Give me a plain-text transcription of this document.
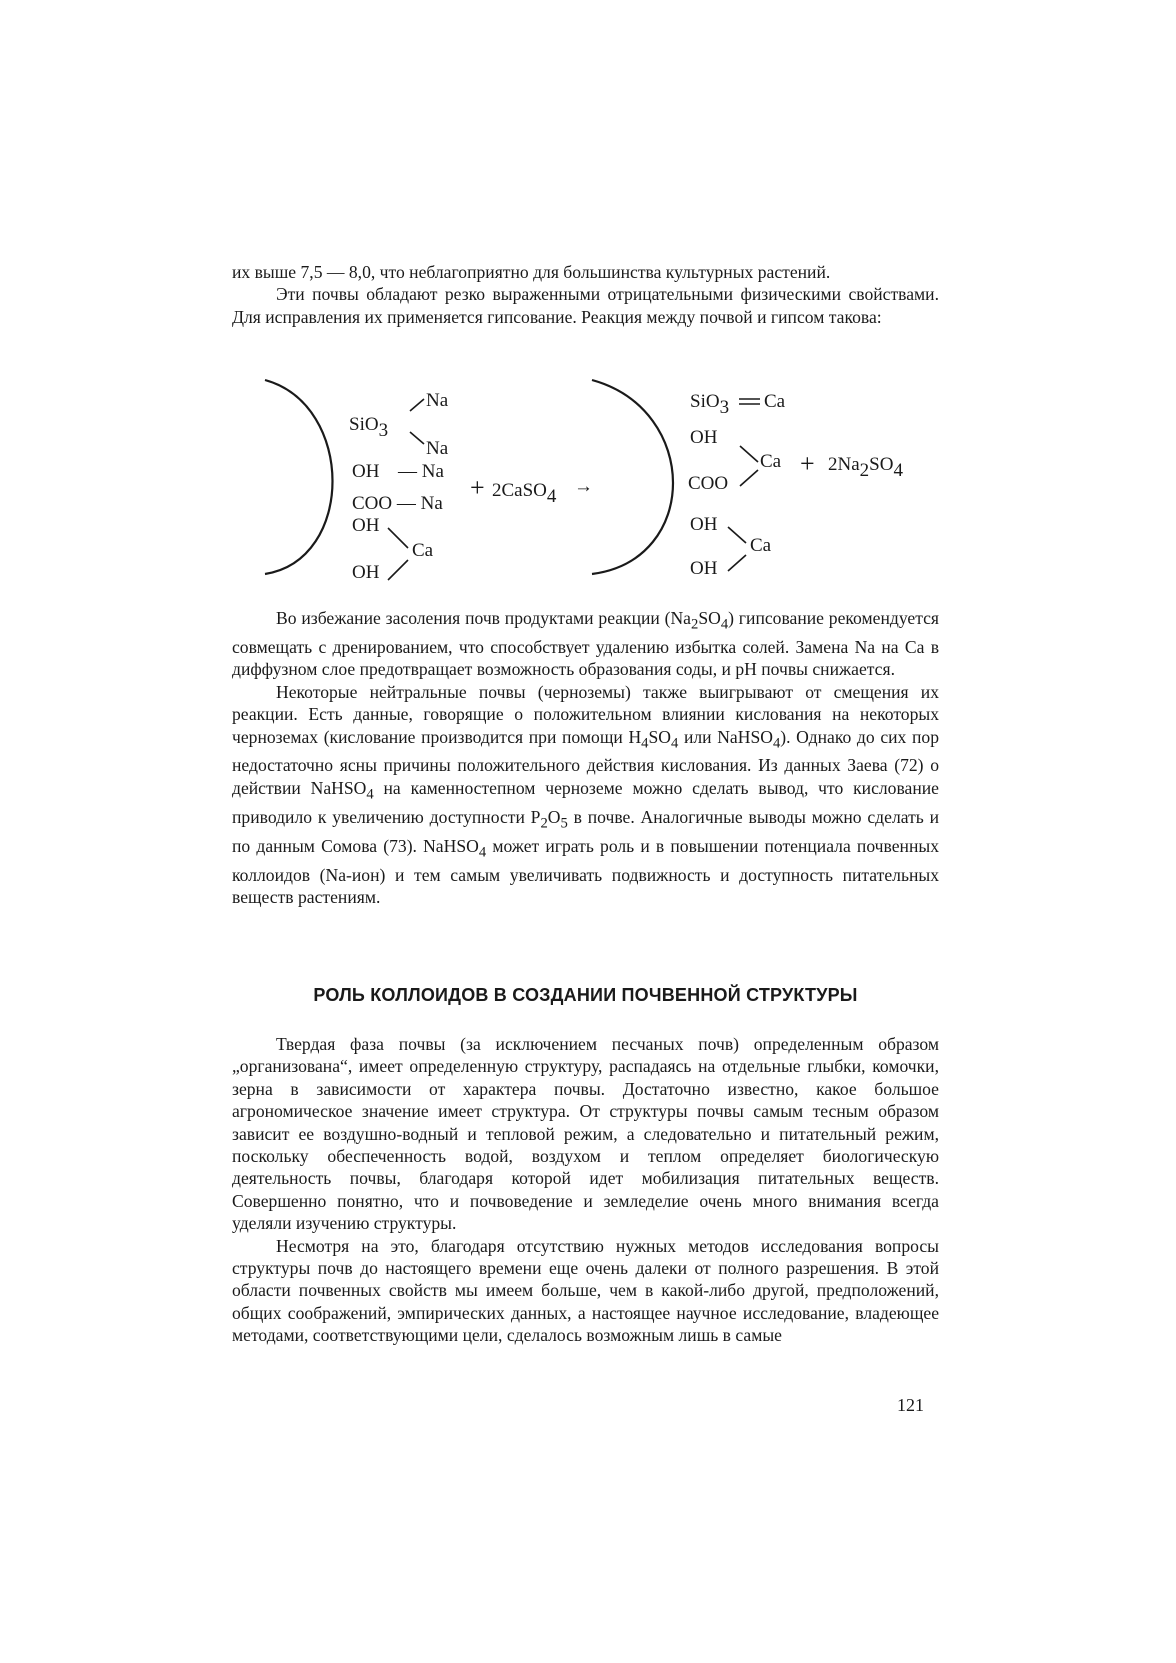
их выше 7,5 — 8,0, что неблагоприятно для большинства культурных растений.

Эти почвы обладают резко выраженными отрицательными физическими свойствами. Для исправления их применяется гипсование. Реакция между почвой и гипсом такова:

Na
SiO3
Na
OH — Na
COO — Na
OH
Ca
OH
+ 2CaSO4 →
SiO3 Ca
OH
Ca
COO
+ 2Na2SO4
OH
Ca
OH

Во избежание засоления почв продуктами реакции $(Na_2SO_4)$ гипсование рекомендуется совмещать с дренированием, что способствует удалению избытка солей. Замена Na на Ca в диффузном слое предотвращает возможность образования соды, и pH почвы снижается.

Некоторые нейтральные почвы (черноземы) также выигрывают от смещения их реакции. Есть данные, говорящие о положительном влиянии кислования на некоторых черноземах (кислование производится при помощи $H_4SO_4$ или NaHSO$_4$). Однако до сих пор недостаточно ясны причины положительного действия кислования. Из данных Заева (72) о действии NaHSO$_4$ на каменностепном черноземе можно сделать вывод, что кислование приводило к увеличению доступности $P_2O_5$ в почве. Аналогичные выводы можно сделать и по данным Сомова (73). NaHSO$_4$ может играть роль и в повышении потенциала почвенных коллоидов (Na-ион) и тем самым увеличивать подвижность и доступность питательных веществ растениям.

РОЛЬ КОЛЛОИДОВ В СОЗДАНИИ ПОЧВЕННОЙ СТРУКТУРЫ

Твердая фаза почвы (за исключением песчаных почв) определенным образом „организована“, имеет определенную структуру, распадаясь на отдельные глыбки, комочки, зерна в зависимости от характера почвы. Достаточно известно, какое большое агрономическое значение имеет структура. От структуры почвы самым тесным образом зависит ее воздушно-водный и тепловой режим, а следовательно и питательный режим, поскольку обеспеченность водой, воздухом и теплом определяет биологическую деятельность почвы, благодаря которой идет мобилизация питательных веществ. Совершенно понятно, что и почвоведение и земледелие очень много внимания всегда уделяли изучению структуры.

Несмотря на это, благодаря отсутствию нужных методов исследования вопросы структуры почв до настоящего времени еще очень далеки от полного разрешения. В этой области почвенных свойств мы имеем больше, чем в какой-либо другой, предположений, общих соображений, эмпирических данных, а настоящее научное исследование, владеющее методами, соответствующими цели, сделалось возможным лишь в самые

121
